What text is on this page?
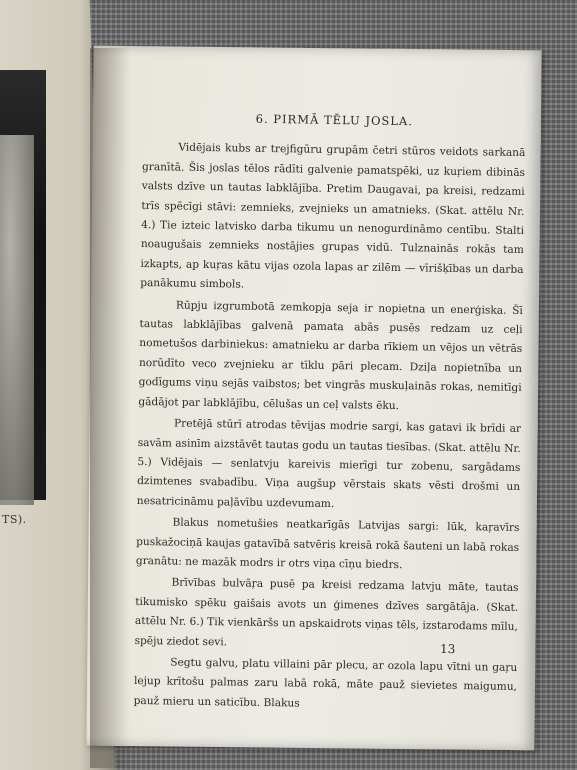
TS).

6. PIRMĀ TĒLU JOSLA.

Vidējais kubs ar trejfigūru grupām četri stūros veidots sarkanā granītā. Šis joslas tēlos rādīti galvenie pamatspēki, uz kuŗiem dibinās valsts dzīve un tautas labklājība. Pretim Daugavai, pa kreisi, redzami trīs spēcīgi stāvi: zemnieks, zvejnieks un amatnieks. (Skat. attēlu Nr. 4.) Tie izteic latvisko darba tikumu un nenogurdināmo centību. Stalti noaugušais zemnieks nostājies grupas vidū. Tulznainās rokās tam izkapts, ap kuŗas kātu vijas ozola lapas ar zilēm — vīrišķības un darba panākumu simbols.

Rūpju izgrumbotā zemkopja seja ir nopietna un enerģiska. Šī tautas labklājības galvenā pamata abās pusēs redzam uz ceļi nometušos darbiniekus: amatnieku ar darba rīkiem un vējos un vētrās norūdīto veco zvejnieku ar tīklu pāri plecam. Dziļa nopietnība un godīgums viņu sejās vaibstos; bet vingrās muskuļainās rokas, nemitīgi gādājot par labklājību, cēlušas un ceļ valsts ēku.

Pretējā stūrī atrodas tēvijas modrie sargi, kas gatavi ik brīdi ar savām asinīm aizstāvēt tautas godu un tautas tiesības. (Skat. attēlu Nr. 5.) Vidējais — senlatvju kareivis mierīgi tur zobenu, sargādams dzimtenes svabadību. Viņa augšup vērstais skats vēsti drošmi un nesatricināmu paļāvību uzdevumam.

Blakus nometušies neatkarīgās Latvijas sargi: lūk, kaŗavīrs puskažociņā kaujas gatavībā satvēris kreisā rokā šauteni un labā rokas granātu: ne mazāk modrs ir otrs viņa cīņu biedrs.

Brīvības bulvāŗa pusē pa kreisi redzama latvju māte, tautas tikumisko spēku gaišais avots un ģimenes dzīves sargātāja. (Skat. attēlu Nr. 6.) Tik vienkāršs un apskaidrots viņas tēls, izstarodams mīlu, spēju ziedot sevi.

Segtu galvu, platu villaini pār plecu, ar ozola lapu vītni un gaŗu lejup krītošu palmas zaru labā rokā, māte pauž sievietes maigumu, pauž mieru un saticību. Blakus

13
